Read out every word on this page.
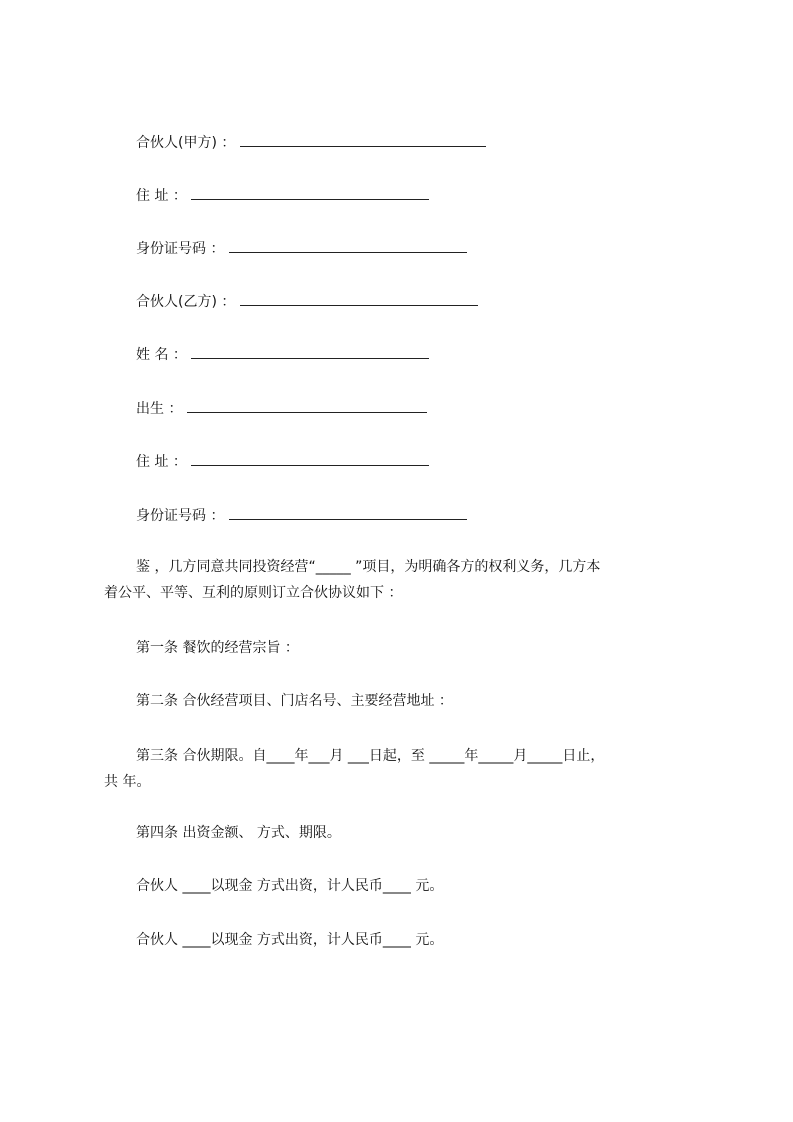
合伙人(甲方) ：
住 址 ：
身份证号码 ：
合伙人(乙方) ：
姓 名 ：
出生 ：
住 址 ：
身份证号码 ：
鉴 ，几方同意共同投资经营“_____ ”项目，为明确各方的权利义务，几方本
着公平、平等、互利的原则订立合伙协议如下 ：
第一条 餐饮的经营宗旨 ：
第二条 合伙经营项目、门店名号、主要经营地址 ：
第三条 合伙期限。自____年___月 ___日起，至 _____年_____月_____日止，
共 年。
第四条 出资金额、 方式、期限。
合伙人 ____以现金 方式出资，计人民币____ 元。
合伙人 ____以现金 方式出资，计人民币____ 元。
